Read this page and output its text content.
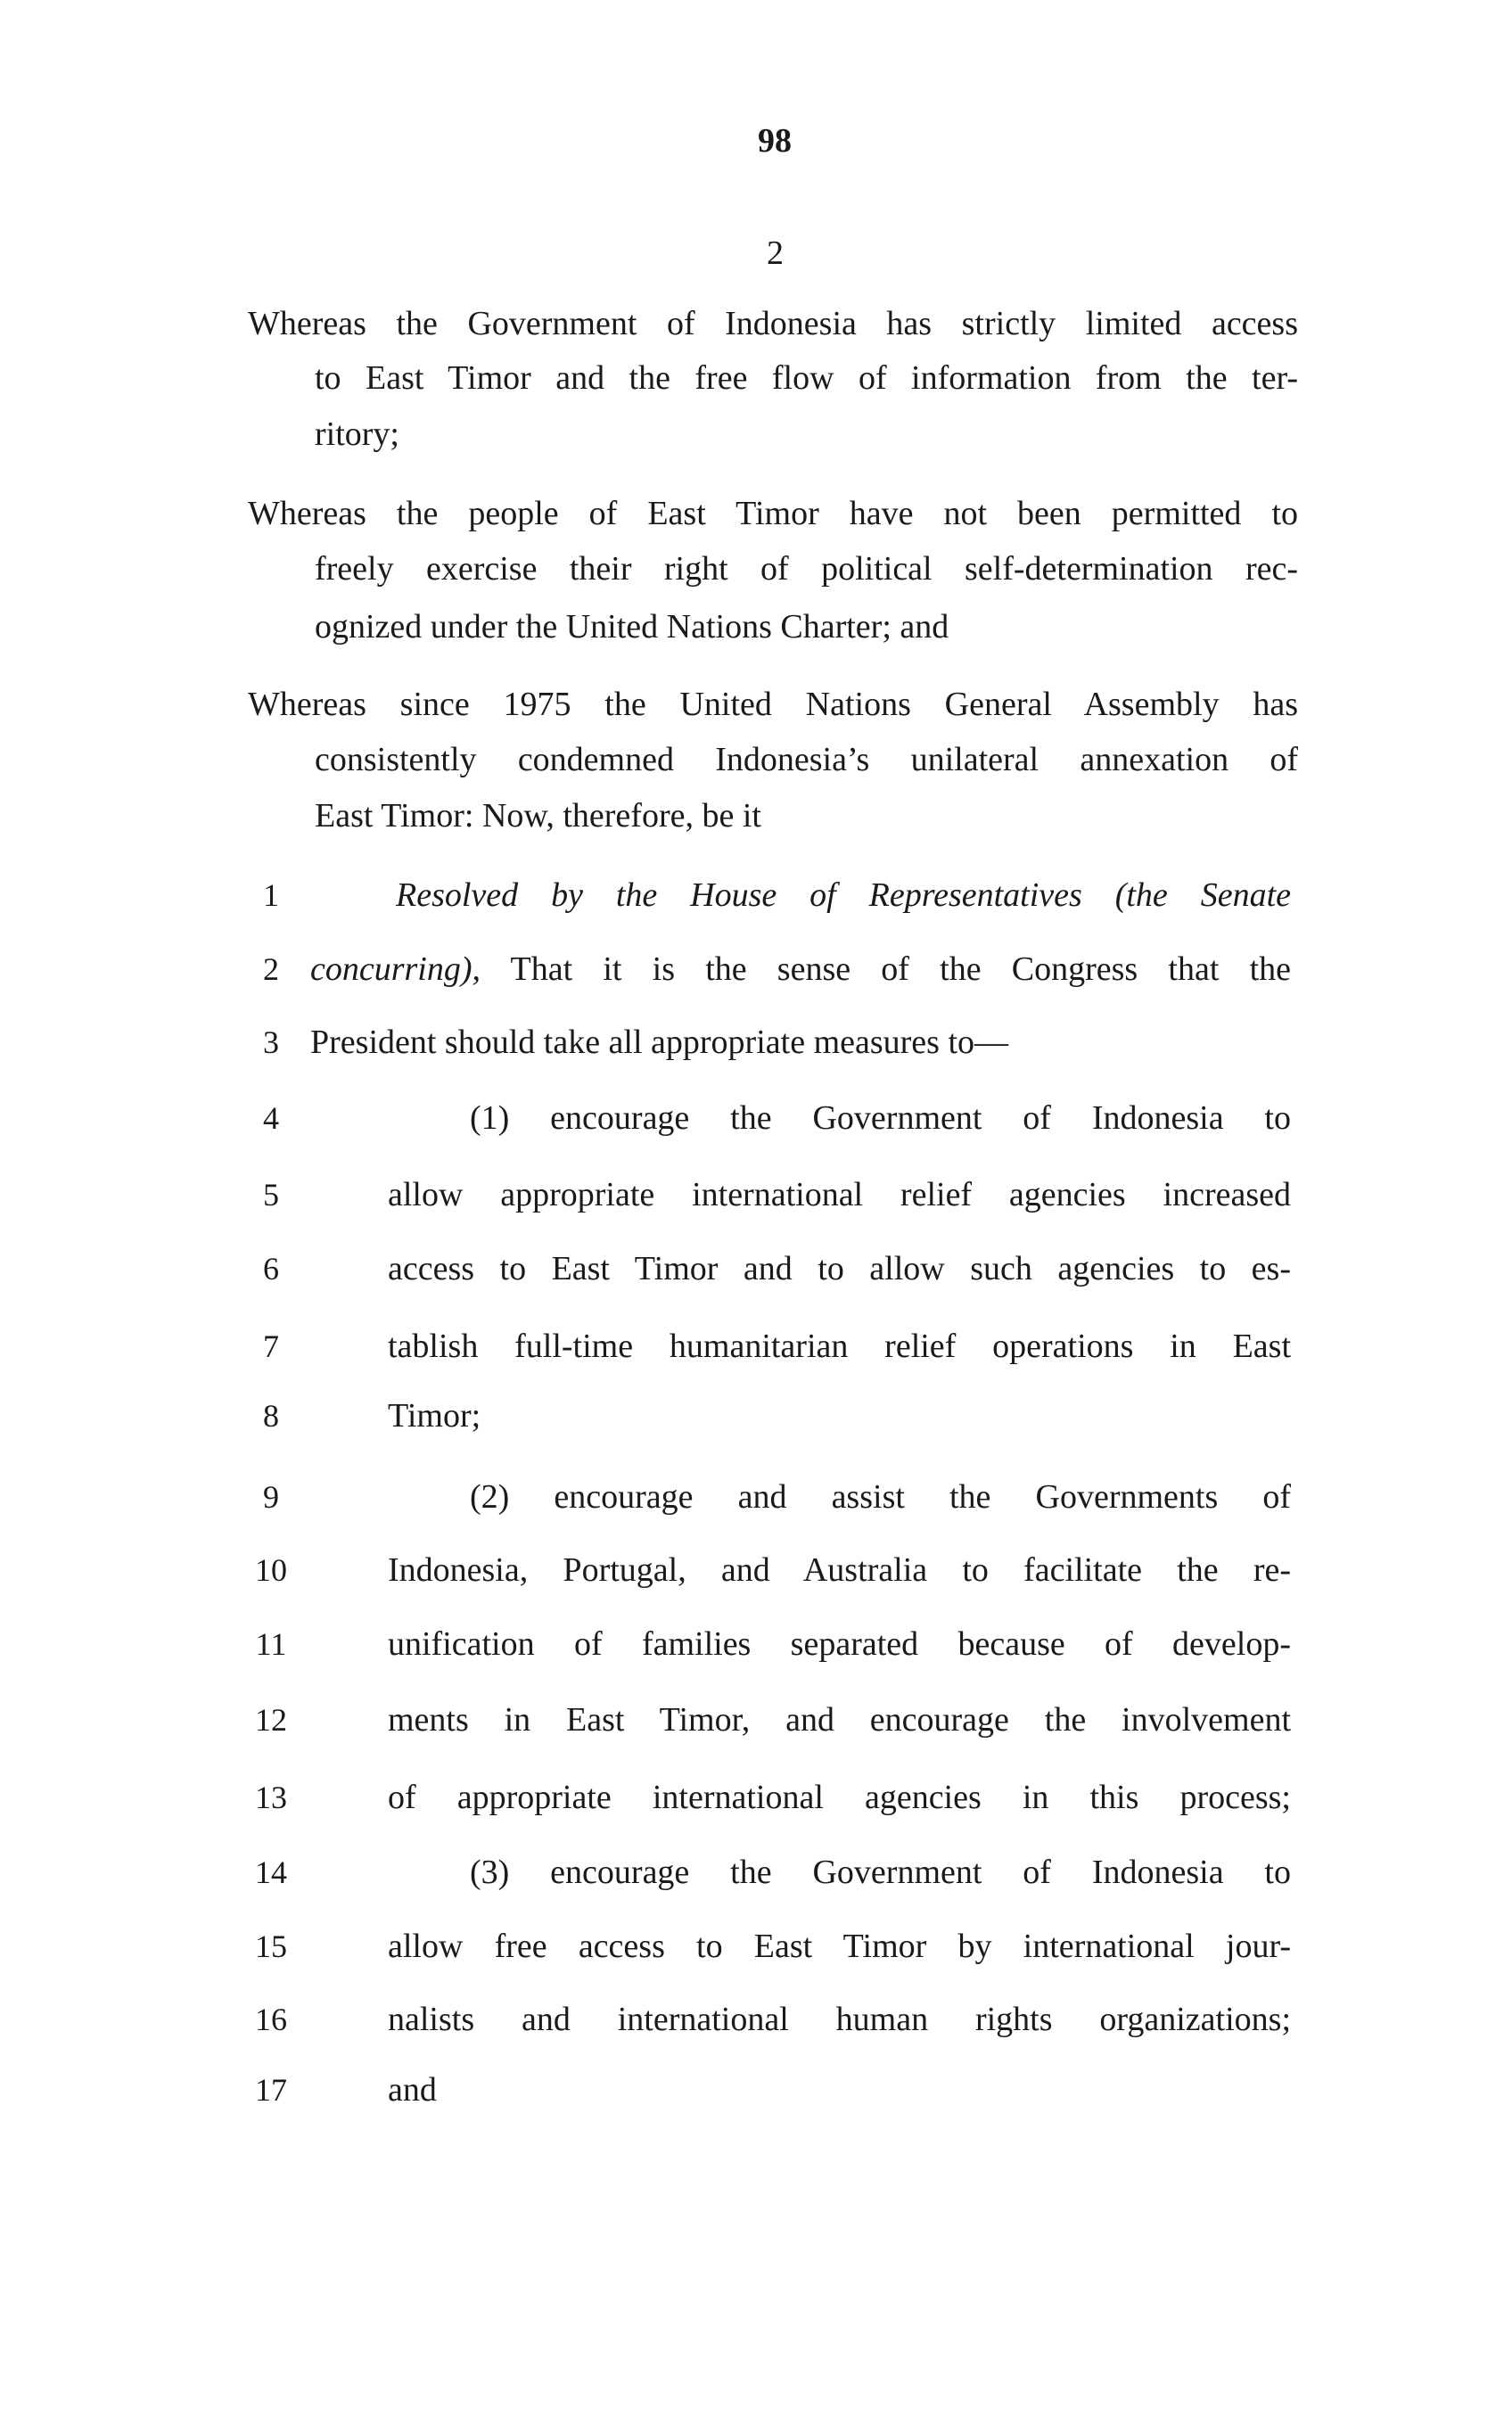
98
2
Whereas the Government of Indonesia has strictly limited access
to East Timor and the free flow of information from the ter-
ritory;
Whereas the people of East Timor have not been permitted to
freely exercise their right of political self-determination rec-
ognized under the United Nations Charter; and
Whereas since 1975 the United Nations General Assembly has
consistently condemned Indonesia’s unilateral annexation of
East Timor: Now, therefore, be it
1	Resolved by the House of Representatives (the Senate
2 concurring), That it is the sense of the Congress that the
3 President should take all appropriate measures to—
4	(1) encourage the Government of Indonesia to
5	allow appropriate international relief agencies increased
6	access to East Timor and to allow such agencies to es-
7	tablish full-time humanitarian relief operations in East
8	Timor;
9	(2) encourage and assist the Governments of
10	Indonesia, Portugal, and Australia to facilitate the re-
11	unification of families separated because of develop-
12	ments in East Timor, and encourage the involvement
13	of appropriate international agencies in this process;
14	(3) encourage the Government of Indonesia to
15	allow free access to East Timor by international jour-
16	nalists and international human rights organizations;
17	and
